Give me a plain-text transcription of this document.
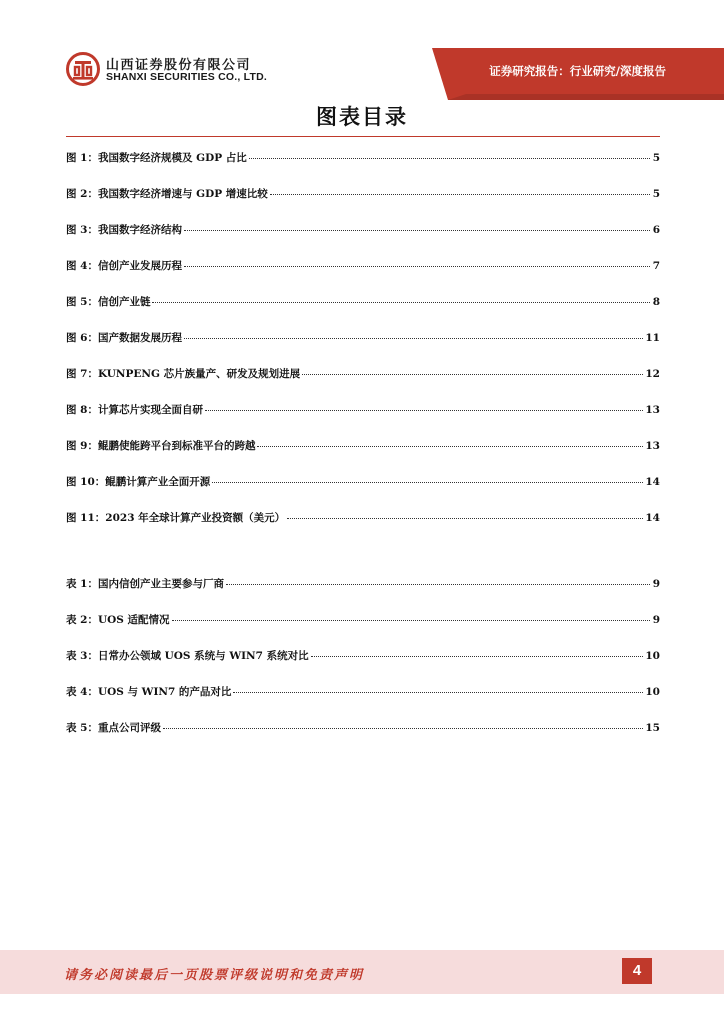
证券研究报告：行业研究/深度报告
山西证券股份有限公司
SHANXI SECURITIES CO., LTD.
图表目录
图 1： 我国数字经济规模及 GDP 占比	5
图 2： 我国数字经济增速与 GDP 增速比较	5
图 3： 我国数字经济结构	6
图 4： 信创产业发展历程	7
图 5： 信创产业链	8
图 6： 国产数据发展历程	11
图 7： KUNPENG 芯片族量产、研发及规划进展	12
图 8： 计算芯片实现全面自研	13
图 9： 鲲鹏使能跨平台到标准平台的跨越	13
图 10： 鲲鹏计算产业全面开源	14
图 11： 2023 年全球计算产业投资额（美元）	14
表 1： 国内信创产业主要参与厂商	9
表 2： UOS 适配情况	9
表 3： 日常办公领域 UOS 系统与 WIN7 系统对比	10
表 4： UOS 与 WIN7 的产品对比	10
表 5： 重点公司评级	15
请务必阅读最后一页股票评级说明和免责声明	4
